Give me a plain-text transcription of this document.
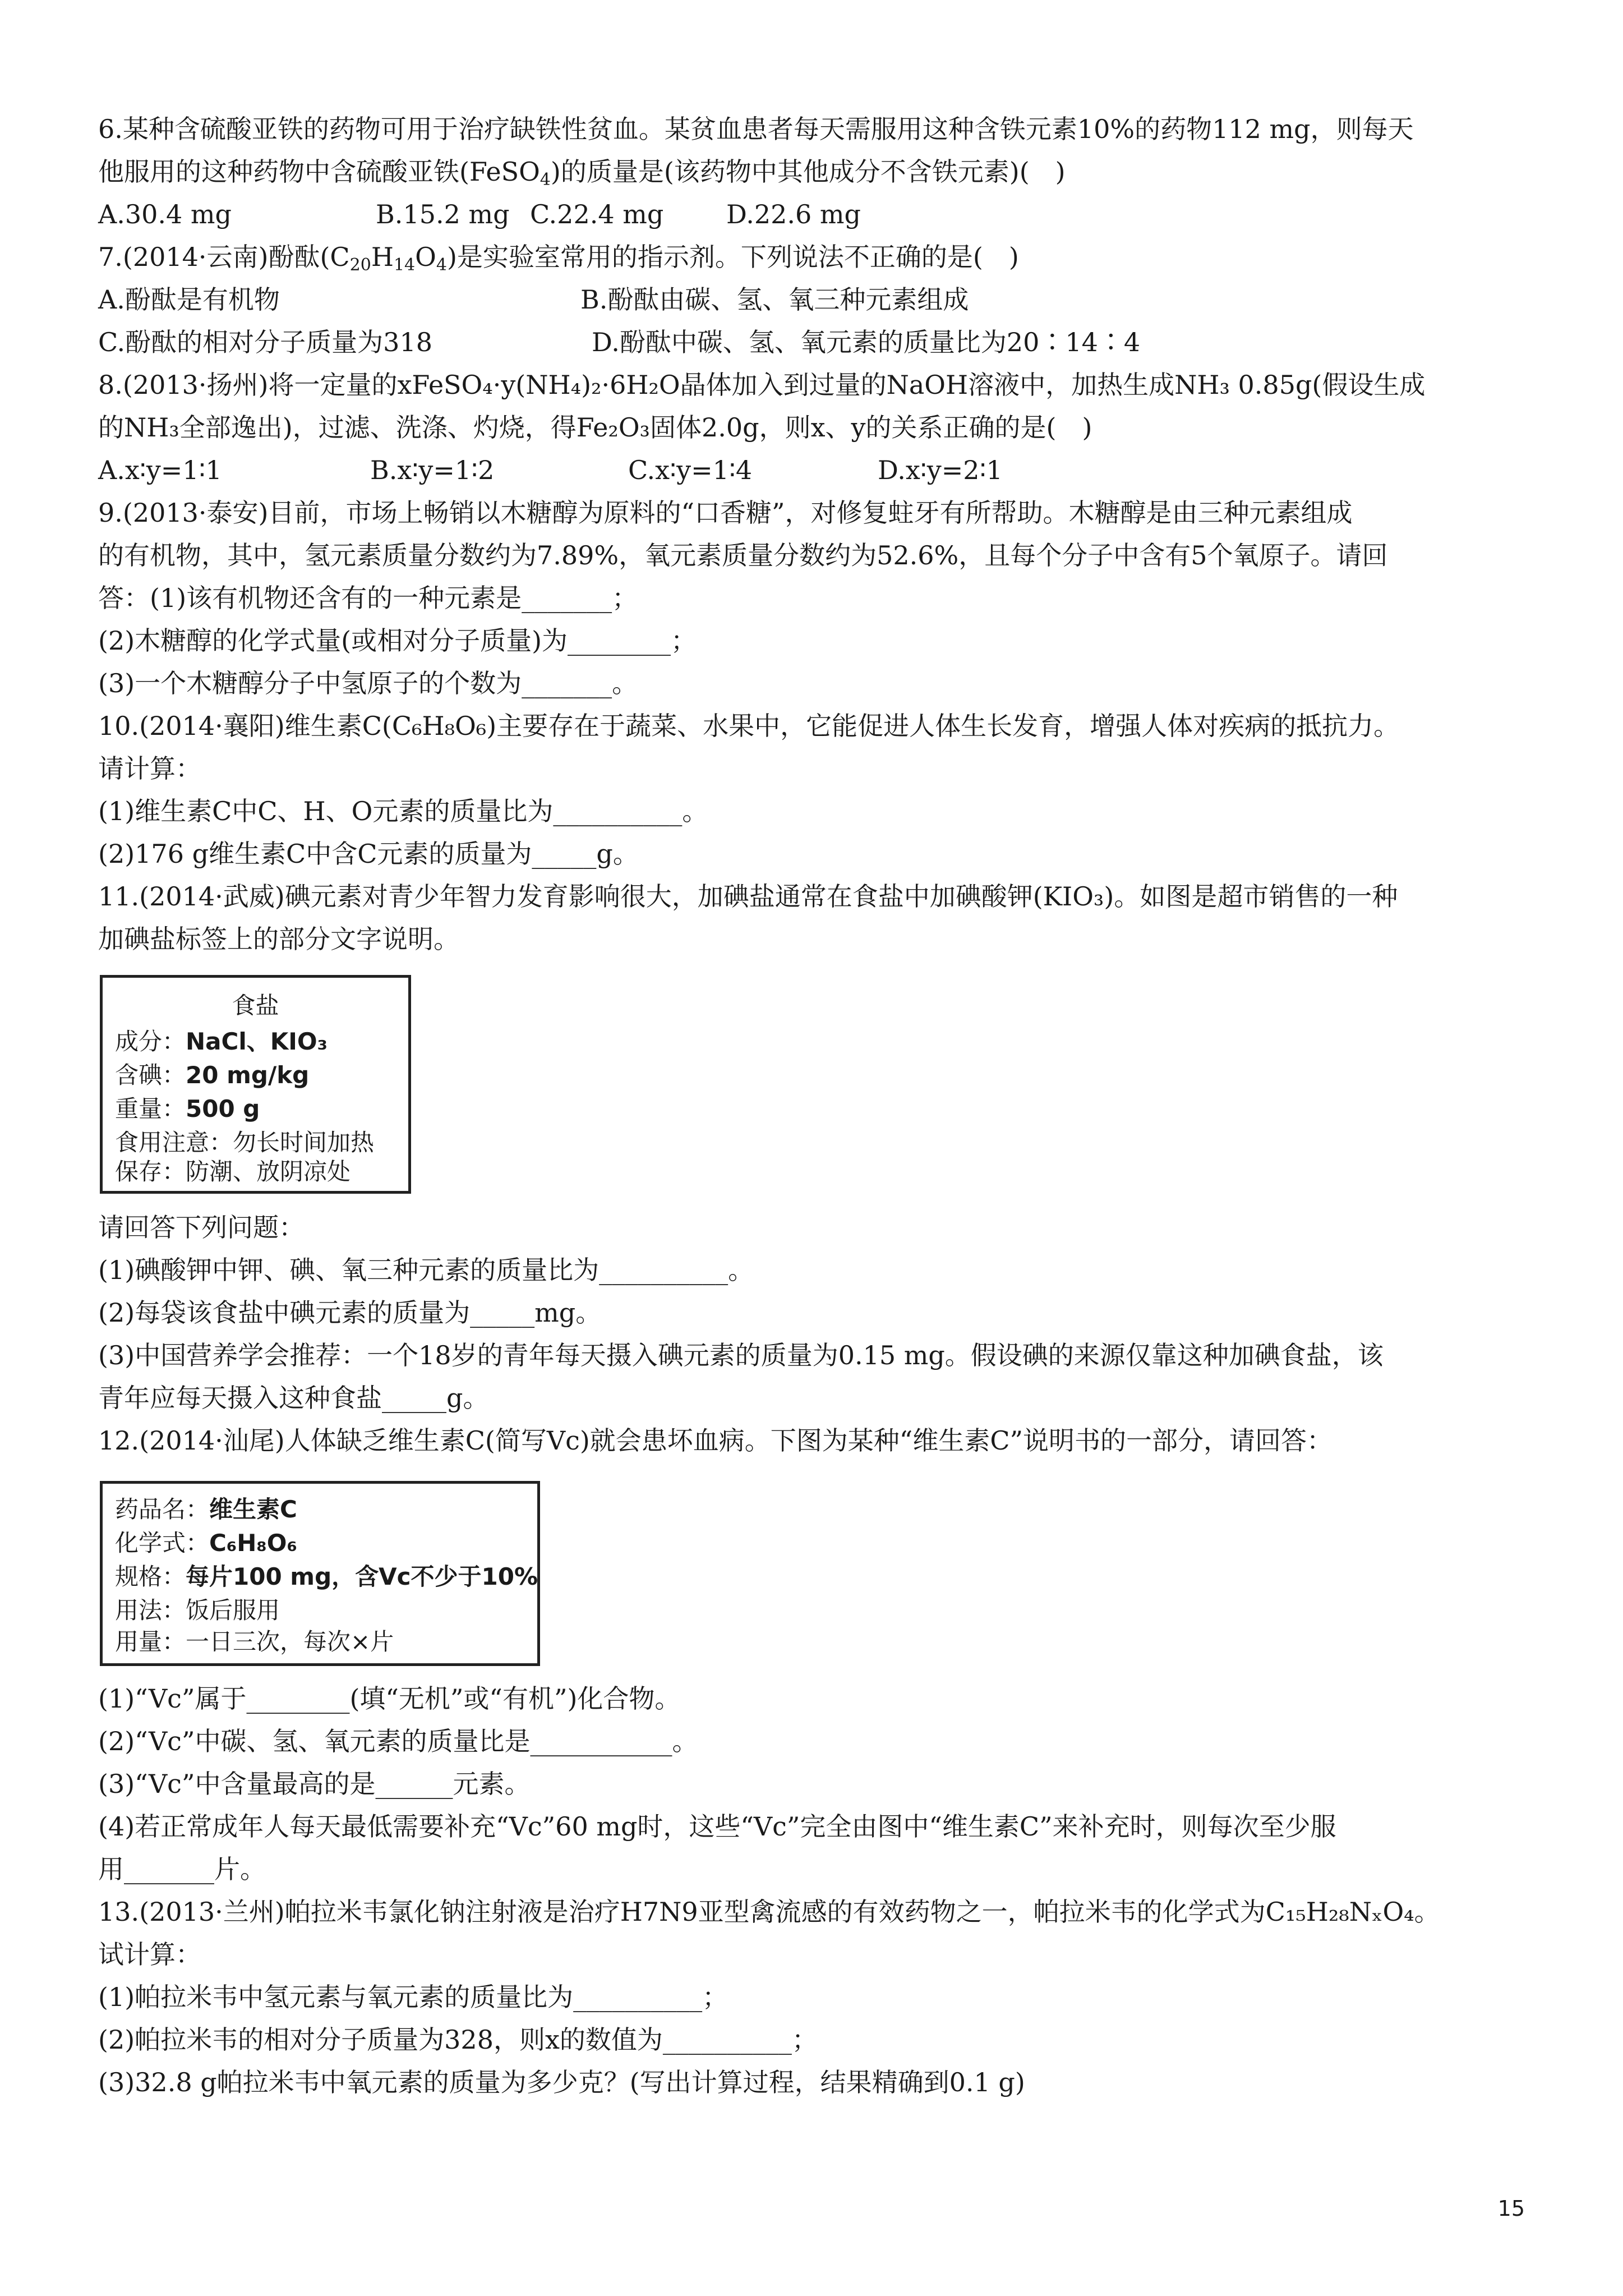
6.某种含硫酸亚铁的药物可用于治疗缺铁性贫血。某贫血患者每天需服用这种含铁元素10%的药物112 mg，则每天
他服用的这种药物中含硫酸亚铁(FeSO$_4$)的质量是(该药物中其他成分不含铁元素)(　)
A.30.4 mg	B.15.2 mg C.22.4 mg D.22.6 mg
7.(2014·云南)酚酞$(C_{20}H_{14}O_4)$是实验室常用的指示剂。下列说法不正确的是(　)
A.酚酞是有机物	B.酚酞由碳、氢、氧三种元素组成
C.酚酞的相对分子质量为318	D.酚酞中碳、氢、氧元素的质量比为20∶14∶4
8.(2013·扬州)将一定量的xFeSO₄·y(NH₄)₂·6H₂O晶体加入到过量的NaOH溶液中，加热生成NH₃ 0.85g(假设生成
的NH₃全部逸出)，过滤、洗涤、灼烧，得Fe₂O₃固体2.0g，则x、y的关系正确的是(　)
A.x∶y=1∶1	B.x∶y=1∶2	C.x∶y=1∶4	D.x∶y=2∶1
9.(2013·泰安)目前，市场上畅销以木糖醇为原料的“口香糖”，对修复蛀牙有所帮助。木糖醇是由三种元素组成
的有机物，其中，氢元素质量分数约为7.89%，氧元素质量分数约为52.6%，且每个分子中含有5个氧原子。请回
答：(1)该有机物还含有的一种元素是_______；
(2)木糖醇的化学式量(或相对分子质量)为________；
(3)一个木糖醇分子中氢原子的个数为_______。
10.(2014·襄阳)维生素C(C₆H₈O₆)主要存在于蔬菜、水果中，它能促进人体生长发育，增强人体对疾病的抵抗力。
请计算：
(1)维生素C中C、H、O元素的质量比为__________。
(2)176 g维生素C中含C元素的质量为_____g。
11.(2014·武威)碘元素对青少年智力发育影响很大，加碘盐通常在食盐中加碘酸钾(KIO₃)。如图是超市销售的一种
加碘盐标签上的部分文字说明。
食盐
成分：NaCl、KIO₃
含碘：20 mg/kg
重量：500 g
食用注意：勿长时间加热
保存：防潮、放阴凉处
请回答下列问题：
(1)碘酸钾中钾、碘、氧三种元素的质量比为__________。
(2)每袋该食盐中碘元素的质量为_____mg。
(3)中国营养学会推荐：一个18岁的青年每天摄入碘元素的质量为0.15 mg。假设碘的来源仅靠这种加碘食盐，该
青年应每天摄入这种食盐_____g。
12.(2014·汕尾)人体缺乏维生素C(简写Vc)就会患坏血病。下图为某种“维生素C”说明书的一部分，请回答：
药品名：维生素C
化学式：C₆H₈O₆
规格：每片100 mg，含Vc不少于10%
用法：饭后服用
用量：一日三次，每次×片
(1)“Vc”属于________(填“无机”或“有机”)化合物。
(2)“Vc”中碳、氢、氧元素的质量比是___________。
(3)“Vc”中含量最高的是______元素。
(4)若正常成年人每天最低需要补充“Vc”60 mg时，这些“Vc”完全由图中“维生素C”来补充时，则每次至少服
用_______片。
13.(2013·兰州)帕拉米韦氯化钠注射液是治疗H7N9亚型禽流感的有效药物之一，帕拉米韦的化学式为C₁₅H₂₈NₓO₄。
试计算：
(1)帕拉米韦中氢元素与氧元素的质量比为__________；
(2)帕拉米韦的相对分子质量为328，则x的数值为__________；
(3)32.8 g帕拉米韦中氧元素的质量为多少克？(写出计算过程，结果精确到0.1 g)
15
